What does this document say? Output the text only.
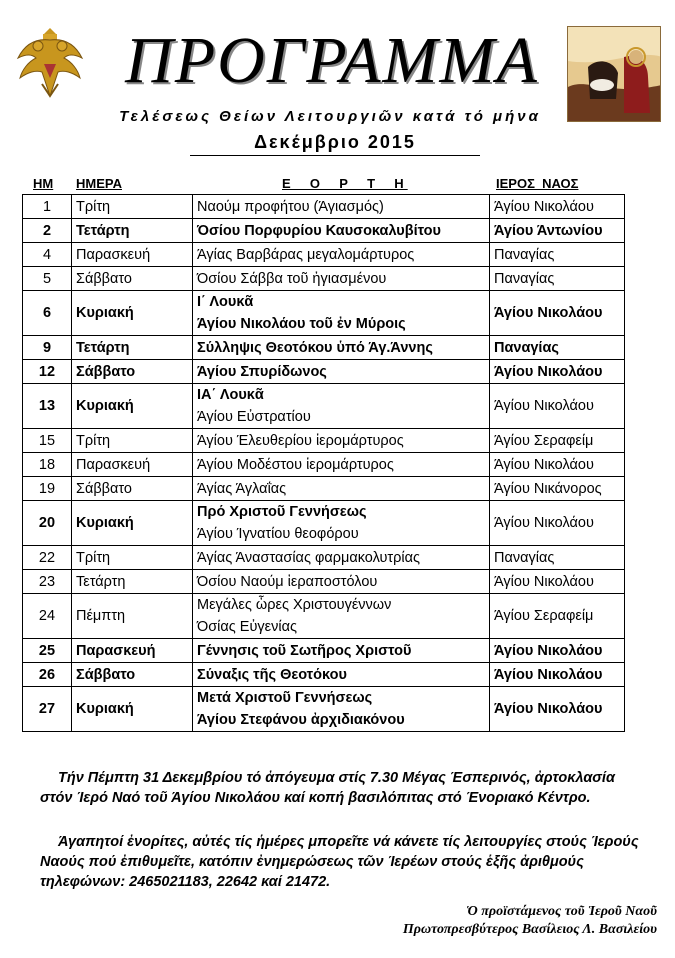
ΠΡΟΓΡΑΜΜΑ
Τελέσεως Θείων Λειτουργιῶν κατά τό μήνα
Δεκέμβριο 2015
ΗΜ ΗΜΕΡΑ	Ε  Ο  Ρ  Τ  Η	ΙΕΡΟΣ  ΝΑΟΣ
1	Τρίτη	Ναούμ προφήτου (Άγιασμός)	Άγίου Νικολάου
2	Τετάρτη	Όσίου Πορφυρίου Καυσοκαλυβίτου	Άγίου Άντωνίου
4	Παρασκευή	Άγίας Βαρβάρας μεγαλομάρτυρος	Παναγίας
5	Σάββατο	Όσίου Σάββα τοῦ ἡγιασμένου	Παναγίας
6	Κυριακή	Ι΄ Λουκᾶ
Άγίου Νικολάου τοῦ ἐν Μύροις	Άγίου Νικολάου
9	Τετάρτη	Σύλληψις Θεοτόκου ὑπό Άγ.Άννης	Παναγίας
12	Σάββατο	Άγίου Σπυρίδωνος	Άγίου Νικολάου
13	Κυριακή	ΙΑ΄ Λουκᾶ
Άγίου Εὐστρατίου	Άγίου Νικολάου
15	Τρίτη	Άγίου Έλευθερίου ἱερομάρτυρος	Άγίου Σεραφείμ
18	Παρασκευή	Άγίου Μοδέστου ἱερομάρτυρος	Άγίου Νικολάου
19	Σάββατο	Άγίας Άγλαΐας	Άγίου Νικάνορος
20	Κυριακή	Πρό Χριστοῦ Γεννήσεως
Άγίου Ίγνατίου θεοφόρου	Άγίου Νικολάου
22	Τρίτη	Άγίας Άναστασίας φαρμακολυτρίας	Παναγίας
23	Τετάρτη	Όσίου Ναούμ ἱεραποστόλου	Άγίου Νικολάου
24	Πέμπτη	Μεγάλες ὧρες Χριστουγέννων
Όσίας Εὐγενίας	Άγίου Σεραφείμ
25	Παρασκευή	Γέννησις τοῦ Σωτῆρος Χριστοῦ	Άγίου Νικολάου
26	Σάββατο	Σύναξις τῆς Θεοτόκου	Άγίου Νικολάου
27	Κυριακή	Μετά Χριστοῦ Γεννήσεως
Άγίου Στεφάνου ἀρχιδιακόνου	Άγίου Νικολάου
Τήν Πέμπτη 31 Δεκεμβρίου τό ἀπόγευμα στίς 7.30 Μέγας Έσπερινός, ἀρτοκλασία στόν Ίερό Ναό τοῦ Άγίου Νικολάου καί κοπή βασιλόπιτας στό Ένοριακό Κέντρο.
Άγαπητοί ἐνορίτες, αὐτές τίς ἡμέρες μπορεῖτε νά κάνετε τίς λειτουργίες στούς Ίερούς Ναούς πού ἐπιθυμεῖτε, κατόπιν ἐνημερώσεως τῶν Ίερέων στούς ἑξῆς ἀριθμούς τηλεφώνων: 2465021183, 22642 καί 21472.
Ὁ προϊστάμενος τοῦ Ἱεροῦ Ναοῦ
Πρωτοπρεσβύτερος Βασίλειος Λ. Βασιλείου
